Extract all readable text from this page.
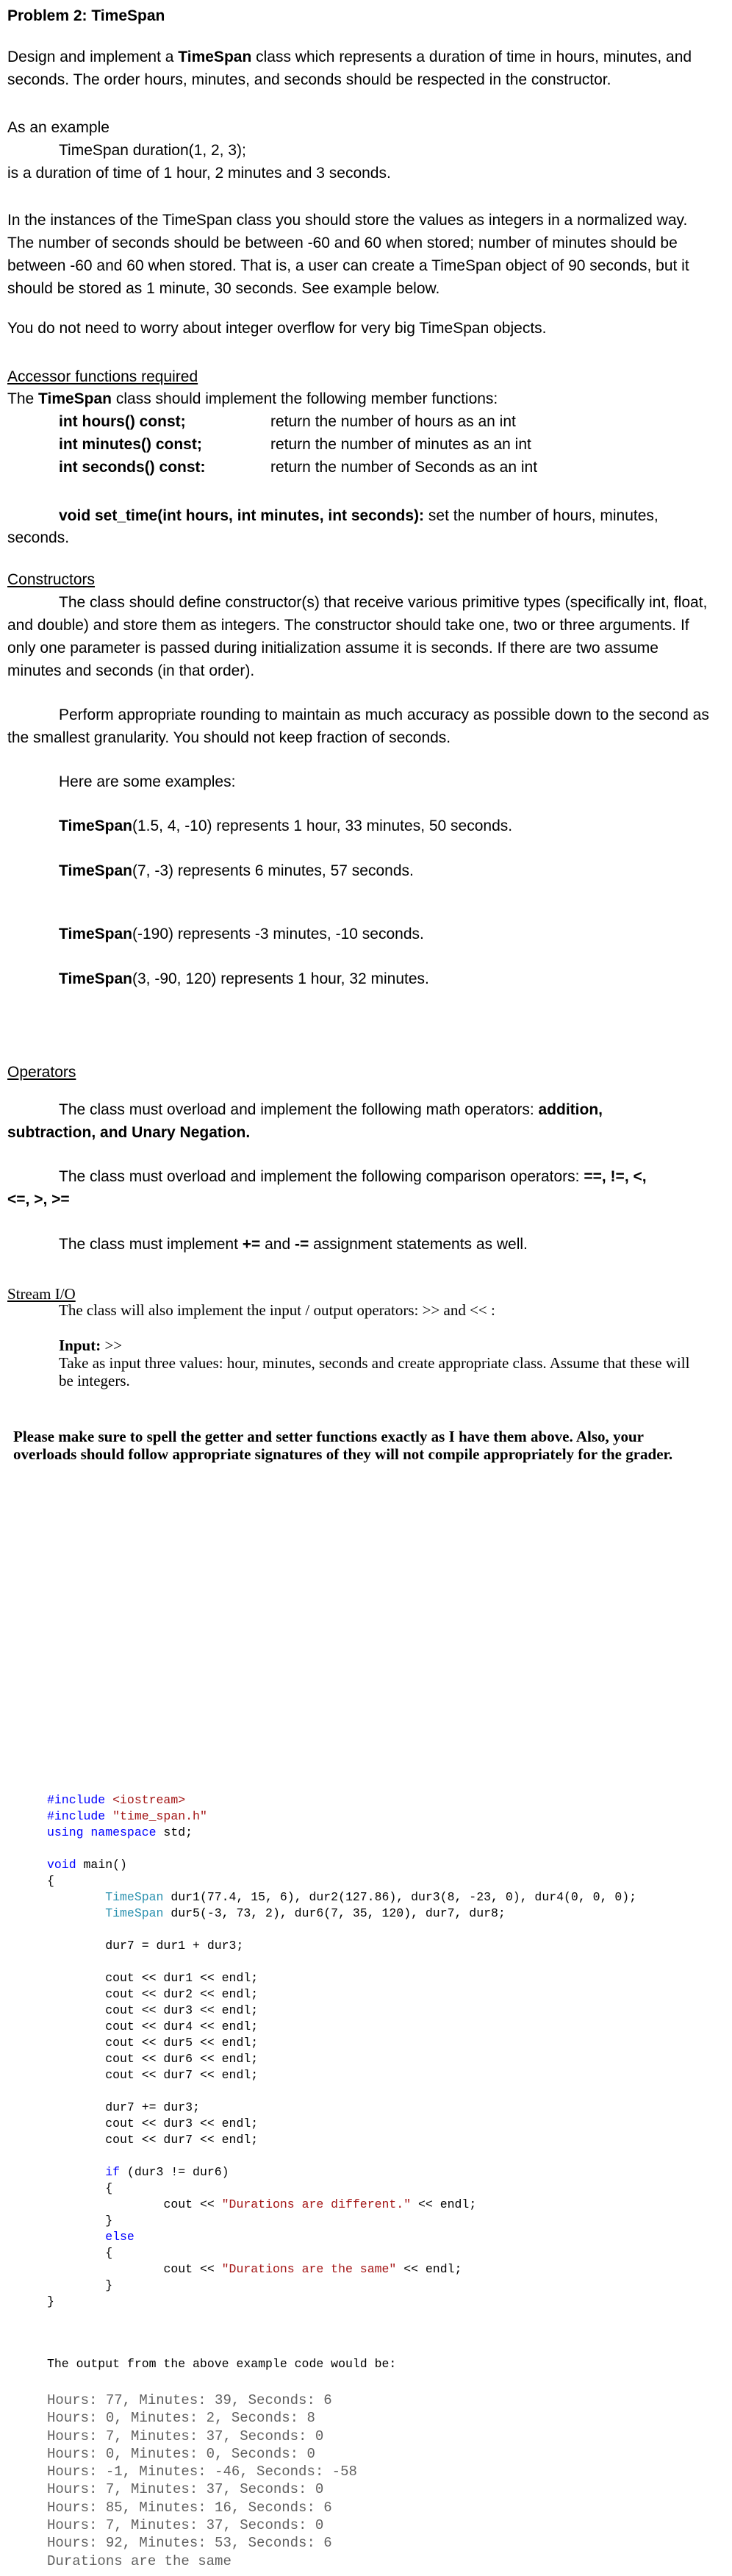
Problem 2: TimeSpan

Design and implement a TimeSpan class which represents a duration of time in hours, minutes, and seconds. The order hours, minutes, and seconds should be respected in the constructor.

As an example
TimeSpan duration(1, 2, 3);
is a duration of time of 1 hour, 2 minutes and 3 seconds.

In the instances of the TimeSpan class you should store the values as integers in a normalized way. The number of seconds should be between -60 and 60 when stored; number of minutes should be between -60 and 60 when stored. That is, a user can create a TimeSpan object of 90 seconds, but it should be stored as 1 minute, 30 seconds. See example below.

You do not need to worry about integer overflow for very big TimeSpan objects.
Accessor functions required
The TimeSpan class should implement the following member functions:
int hours() const;	return the number of hours as an int
int minutes() const;	return the number of minutes as an int
int seconds() const:	return the number of Seconds as an int
void set_time(int hours, int minutes, int seconds): set the number of hours, minutes,
seconds.
Constructors

The class should define constructor(s) that receive various primitive types (specifically int, float, and double) and store them as integers. The constructor should take one, two or three arguments. If only one parameter is passed during initialization assume it is seconds. If there are two assume minutes and seconds (in that order).

Perform appropriate rounding to maintain as much accuracy as possible down to the second as the smallest granularity. You should not keep fraction of seconds.

Here are some examples:
TimeSpan(1.5, 4, -10) represents 1 hour, 33 minutes, 50 seconds.
TimeSpan(7, -3) represents 6 minutes, 57 seconds.
TimeSpan(-190) represents -3 minutes, -10 seconds.
TimeSpan(3, -90, 120) represents 1 hour, 32 minutes.
Operators

The class must overload and implement the following math operators: addition, subtraction, and Unary Negation.

The class must overload and implement the following comparison operators: ==, !=, <, <=, >, >=

The class must implement += and -= assignment statements as well.
Stream I/O
The class will also implement the input / output operators: >> and << :
Input: >>

Take as input three values: hour, minutes, seconds and create appropriate class. Assume that these will be integers.

Please make sure to spell the getter and setter functions exactly as I have them above. Also, your overloads should follow appropriate signatures of they will not compile appropriately for the grader.

#include <iostream>
#include "time_span.h"
using namespace std;

void main()
{
TimeSpan dur1(77.4, 15, 6), dur2(127.86), dur3(8, -23, 0), dur4(0, 0, 0);
TimeSpan dur5(-3, 73, 2), dur6(7, 35, 120), dur7, dur8;

dur7 = dur1 + dur3;

cout << dur1 << endl;
cout << dur2 << endl;
cout << dur3 << endl;
cout << dur4 << endl;
cout << dur5 << endl;
cout << dur6 << endl;
cout << dur7 << endl;

dur7 += dur3;
cout << dur3 << endl;
cout << dur7 << endl;

if (dur3 != dur6)
{
cout << "Durations are different." << endl;
}
else
{
cout << "Durations are the same" << endl;
}
}
The output from the above example code would be:
Hours: 77, Minutes: 39, Seconds: 6
Hours: 0, Minutes: 2, Seconds: 8
Hours: 7, Minutes: 37, Seconds: 0
Hours: 0, Minutes: 0, Seconds: 0
Hours: -1, Minutes: -46, Seconds: -58
Hours: 7, Minutes: 37, Seconds: 0
Hours: 85, Minutes: 16, Seconds: 6
Hours: 7, Minutes: 37, Seconds: 0
Hours: 92, Minutes: 53, Seconds: 6
Durations are the same
